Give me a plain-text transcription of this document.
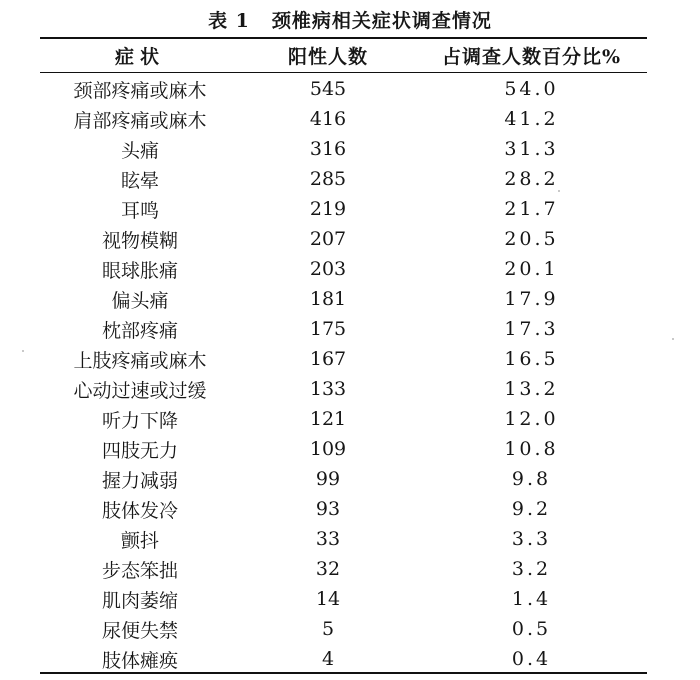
表 1 颈椎病相关症状调查情况
症状	阳性人数	占调查人数百分比%
颈部疼痛或麻木	545	54.0
肩部疼痛或麻木	416	41.2
头痛	316	31.3
眩晕	285	28.2
耳鸣	219	21.7
视物模糊	207	20.5
眼球胀痛	203	20.1
偏头痛	181	17.9
枕部疼痛	175	17.3
上肢疼痛或麻木	167	16.5
心动过速或过缓	133	13.2
听力下降	121	12.0
四肢无力	109	10.8
握力减弱	99	9.8
肢体发冷	93	9.2
颤抖	33	3.3
步态笨拙	32	3.2
肌肉萎缩	14	1.4
尿便失禁	5	0.5
肢体瘫痪	4	0.4
